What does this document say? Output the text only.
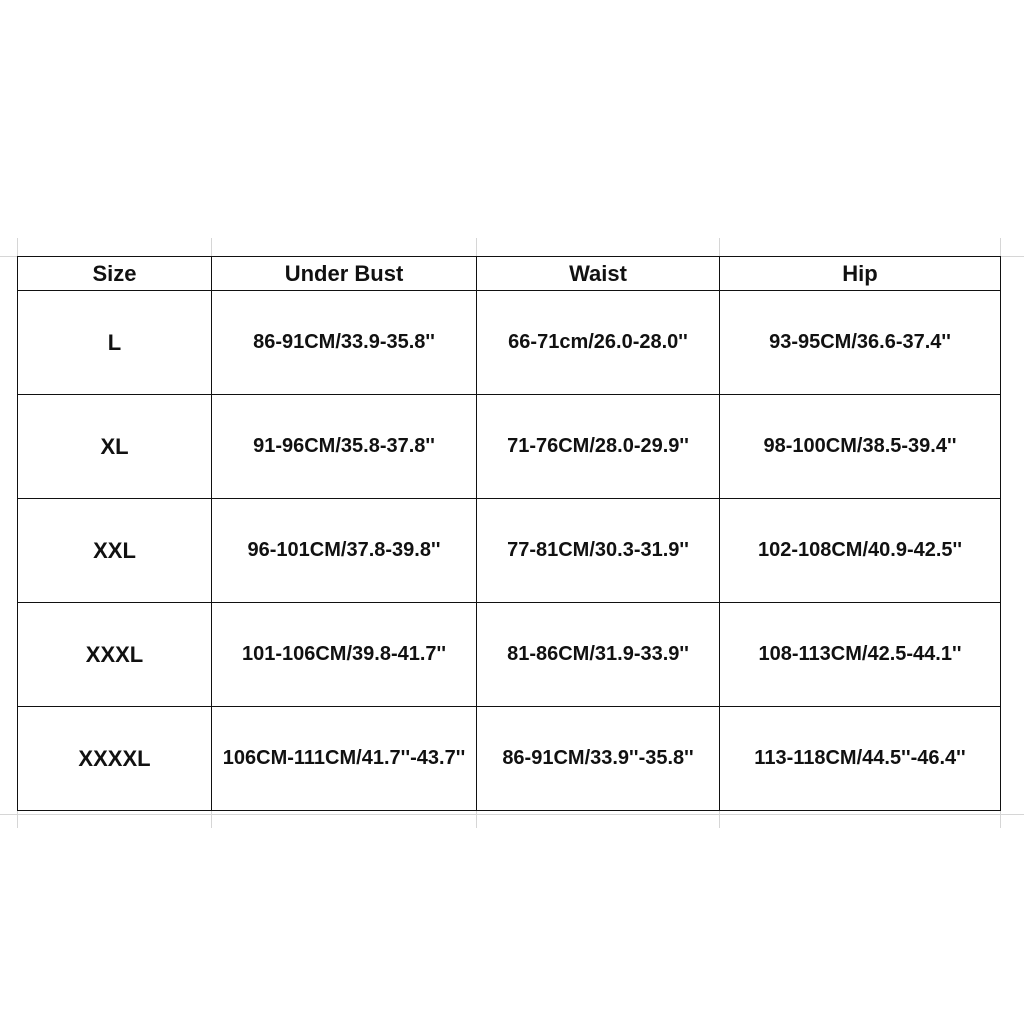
Size	Under Bust	Waist	Hip
L	86-91CM/33.9-35.8''	66-71cm/26.0-28.0''	93-95CM/36.6-37.4''
XL	91-96CM/35.8-37.8''	71-76CM/28.0-29.9''	98-100CM/38.5-39.4''
XXL	96-101CM/37.8-39.8''	77-81CM/30.3-31.9''	102-108CM/40.9-42.5''
XXXL	101-106CM/39.8-41.7''	81-86CM/31.9-33.9''	108-113CM/42.5-44.1''
XXXXL	106CM-111CM/41.7''-43.7''	86-91CM/33.9''-35.8''	113-118CM/44.5''-46.4''
